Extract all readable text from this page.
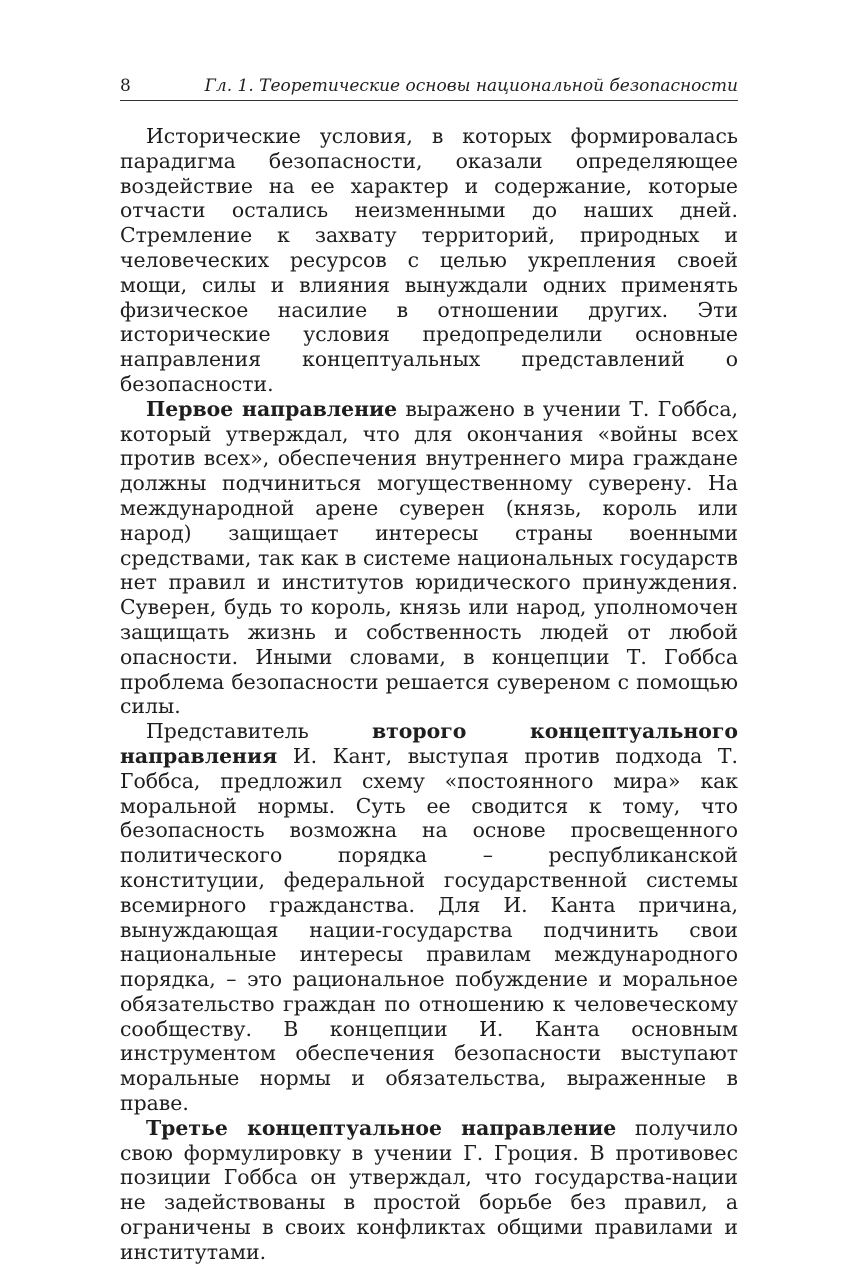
8	Гл. 1. Теоретические основы национальной безопасности

Исторические условия, в которых формировалась парадигма безопасности, оказали определяющее воздействие на ее характер и содержание, которые отчасти остались неизменными до наших дней. Стремление к захвату территорий, природных и человеческих ресурсов с целью укрепления своей мощи, силы и влияния вынуждали одних применять физическое насилие в отношении других. Эти исторические условия предопределили основные направления концептуальных представлений о безопасности.

Первое направление выражено в учении Т. Гоббса, который утверждал, что для окончания «войны всех против всех», обеспечения внутреннего мира граждане должны подчиниться могущественному суверену. На международной арене суверен (князь, король или народ) защищает интересы страны военными средствами, так как в системе национальных государств нет правил и институтов юридического принуждения. Суверен, будь то король, князь или народ, уполномочен защищать жизнь и собственность людей от любой опасности. Иными словами, в концепции Т. Гоббса проблема безопасности решается сувереном с помощью силы.

Представитель второго концептуального направления И. Кант, выступая против подхода Т. Гоббса, предложил схему «постоянного мира» как моральной нормы. Суть ее сводится к тому, что безопасность возможна на основе просвещенного политического порядка – республиканской конституции, федеральной государственной системы всемирного гражданства. Для И. Канта причина, вынуждающая нации-государства подчинить свои национальные интересы правилам международного порядка, – это рациональное побуждение и моральное обязательство граждан по отношению к человеческому сообществу. В концепции И. Канта основным инструментом обеспечения безопасности выступают моральные нормы и обязательства, выраженные в праве.

Третье концептуальное направление получило свою формулировку в учении Г. Гроция. В противовес позиции Гоббса он утверждал, что государства-нации не задействованы в простой борьбе без правил, а ограничены в своих конфликтах общими правилами и институтами.
